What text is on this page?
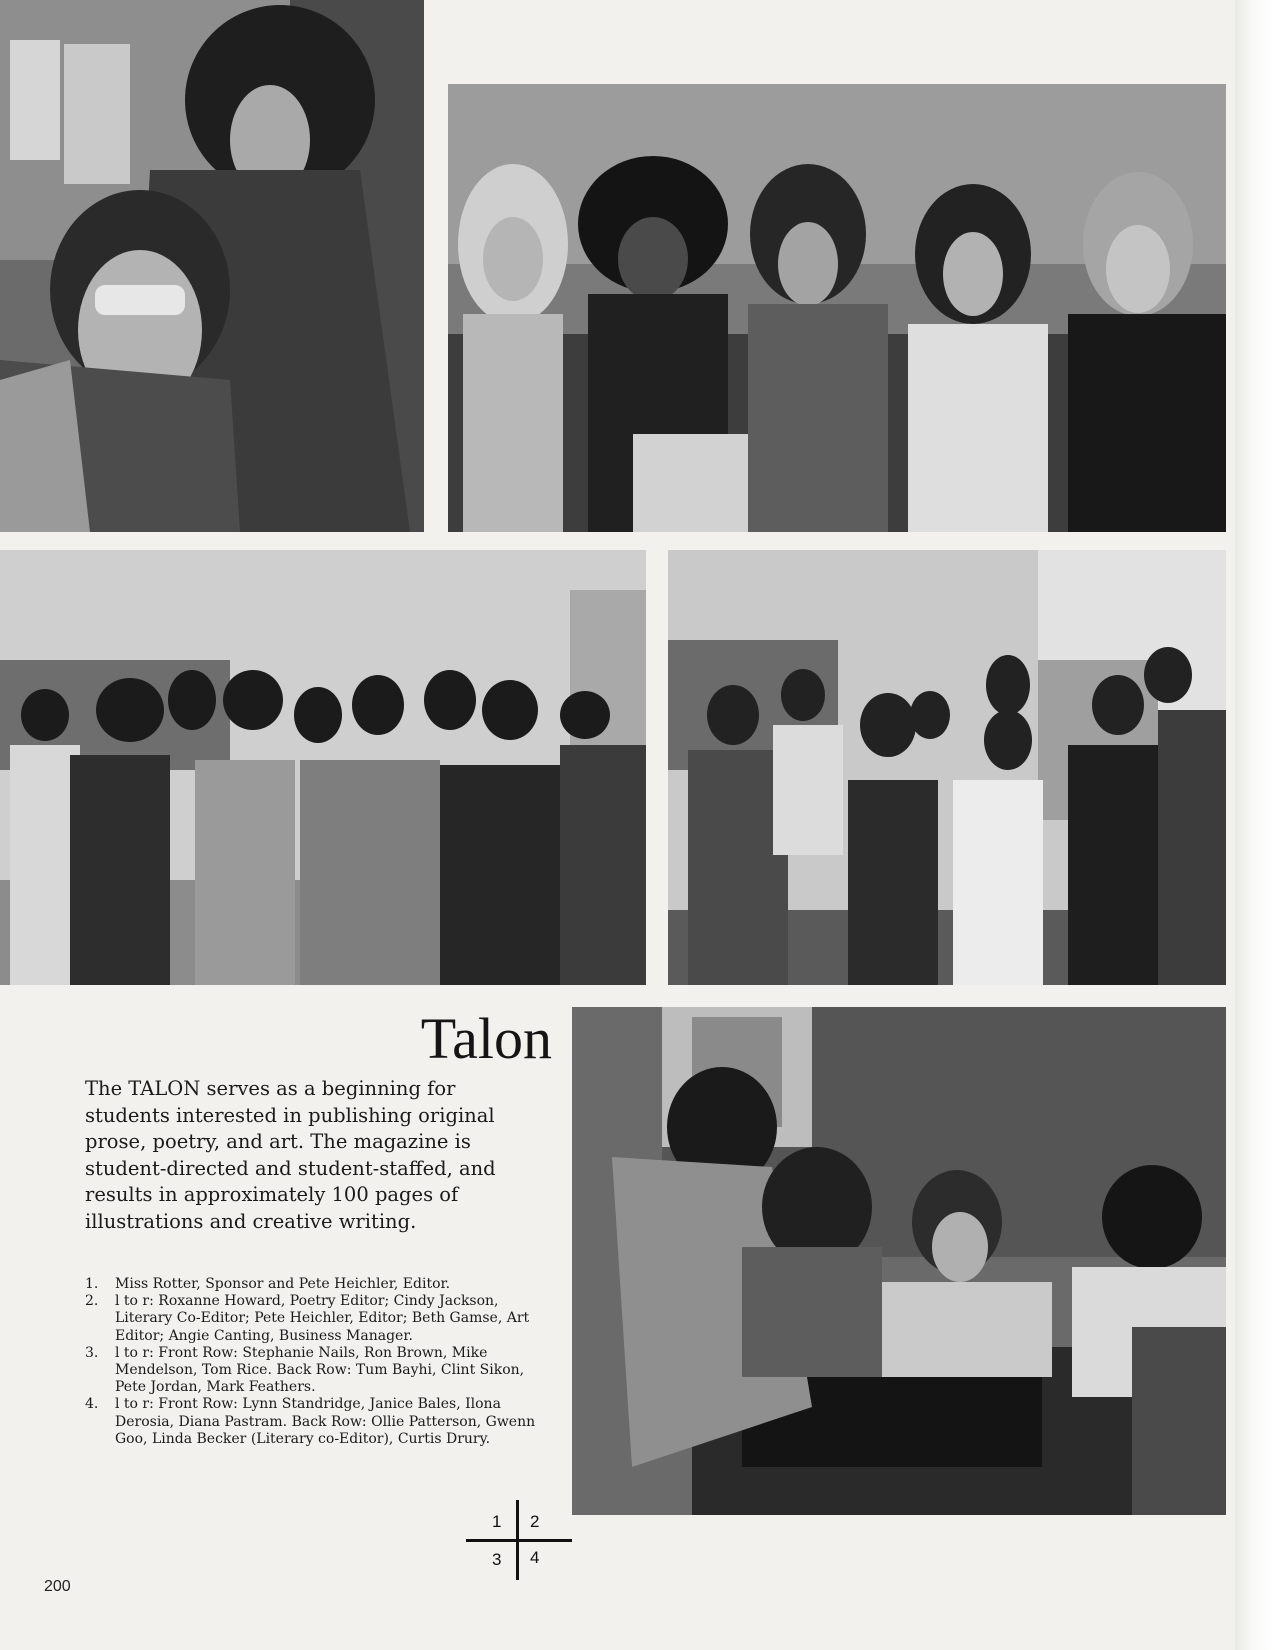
Talon
The TALON serves as a beginning for students interested in publishing original prose, poetry, and art. The magazine is student-directed and student-staffed, and results in approximately 100 pages of illustrations and creative writing.
1. Miss Rotter, Sponsor and Pete Heichler, Editor.
2. l to r: Roxanne Howard, Poetry Editor; Cindy Jackson, Literary Co-Editor; Pete Heichler, Editor; Beth Gamse, Art Editor; Angie Canting, Business Manager.
3. l to r: Front Row: Stephanie Nails, Ron Brown, Mike Mendelson, Tom Rice. Back Row: Tum Bayhi, Clint Sikon, Pete Jordan, Mark Feathers.
4. l to r: Front Row: Lynn Standridge, Janice Bales, Ilona Derosia, Diana Pastram. Back Row: Ollie Patterson, Gwenn Goo, Linda Becker (Literary co-Editor), Curtis Drury.
1 2
3 4
200
